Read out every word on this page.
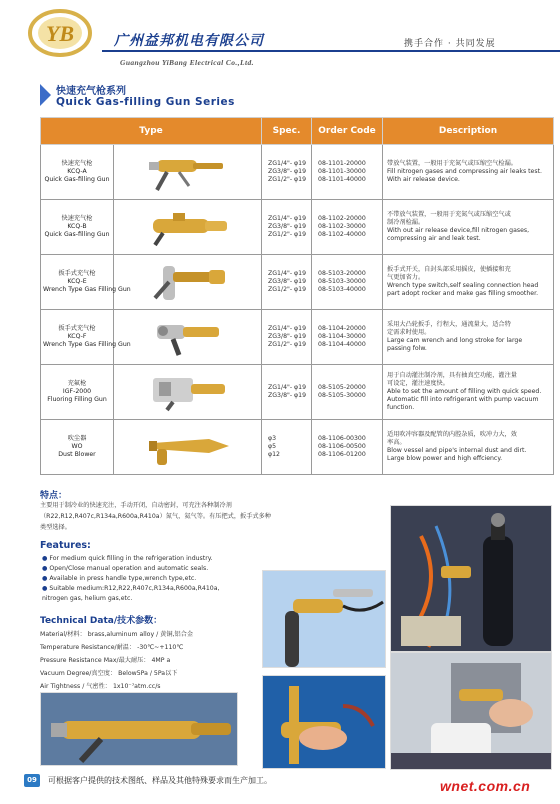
YB	广州益邦机电有限公司
Guangzhou YiBang Electrical Co.,Ltd.
携手合作 · 共同发展
快速充气枪系列
Quick Gas-filling Gun Series
Type		Spec.	Order Code	Description

快速充气枪
KCQ-A
Quick Gas-filling Gun		ZG1/4"- φ19
ZG3/8"- φ19
ZG1/2"- φ19	08-1101-20000
08-1101-30000
08-1101-40000	带放气装置，一般用于充氮气或压缩空气检漏。
Fill nitrogen gases and compressing air leaks test.
With air release device.

快速充气枪
KCQ-B
Quick Gas-filling Gun		ZG1/4"- φ19
ZG3/8"- φ19
ZG1/2"- φ19	08-1102-20000
08-1102-30000
08-1102-40000	不带放气装置，一般用于充氮气或压缩空气或
制冷剂检漏。
With out air release device,fill nitrogen gases,
compressing air and leak test.

扳手式充气枪
KCQ-E
Wrench Type Gas Filling Gun		ZG1/4"- φ19
ZG3/8"- φ19
ZG1/2"- φ19	08-5103-20000
08-5103-30000
08-5103-40000	扳手式开关，自封头部采用摇皮，使插接和充
气更加省力。
Wrench type switch,self sealing connection head
part adopt rocker and make gas filling smoother.

扳手式充气枪
KCQ-F
Wrench Type Gas Filling Gun		ZG1/4"- φ19
ZG3/8"- φ19
ZG1/2"- φ19	08-1104-20000
08-1104-30000
08-1104-40000	采用大凸轮扳手，行程大，通流量大，适合特
定需求时使用。
Large cam wrench and long stroke for large
passing folw.

充氟枪
IGF-2000
Fluoring Filling Gun		ZG1/4"- φ19
ZG3/8"- φ19	08-5105-20000
08-5105-30000	用于自动灌注制冷剂，具有抽真空功能，灌注量
可设定，灌注速度快。
Able to set the amount of filling with quick speed.
Automatic fill into refrigerant with pump vacuum
function.

吹尘器
WO
Dust Blower		φ3
φ5
φ12	08-1106-00300
08-1106-00500
08-1106-01200	适用吹冲容器及配管的内腔杂质，吹冲力大，效
率高。
Blow vessel and pipe's internal dust and dirt.
Large blow power and high effciency.
特点：
主要用于制冷业的快速充注，手动开闭，自动密封，可充注各种制冷剂（R22,R12,R407c,R134a,R600a,R410a）氮气，氦气等。有压把式，扳手式多种类型选择。
Features:
● For medium quick filling in the refrigeration industry.
● Open/Close manual operation and automatic seals.
● Available in press handle type,wrench type,etc.
● Suitable medium:R12,R22,R407c,R134a,R600a,R410a,
nitrogen gas, helium gas,etc.
Technical Data/技术参数：
Material/材料： brass,aluminum alloy / 黄铜,铝合金
Temperature Resistance/耐温： -30℃~+110℃
Pressure Resistance Max/最大耐压： 4MP a
Vacuum Degree/真空度： Below5Pa / 5Pa以下
Air Tightness / 气密性： 1x10⁻⁷atm.cc/s
09	可根据客户提供的技术图纸、样品及其他特殊要求而生产加工。	wnet.com.cn
